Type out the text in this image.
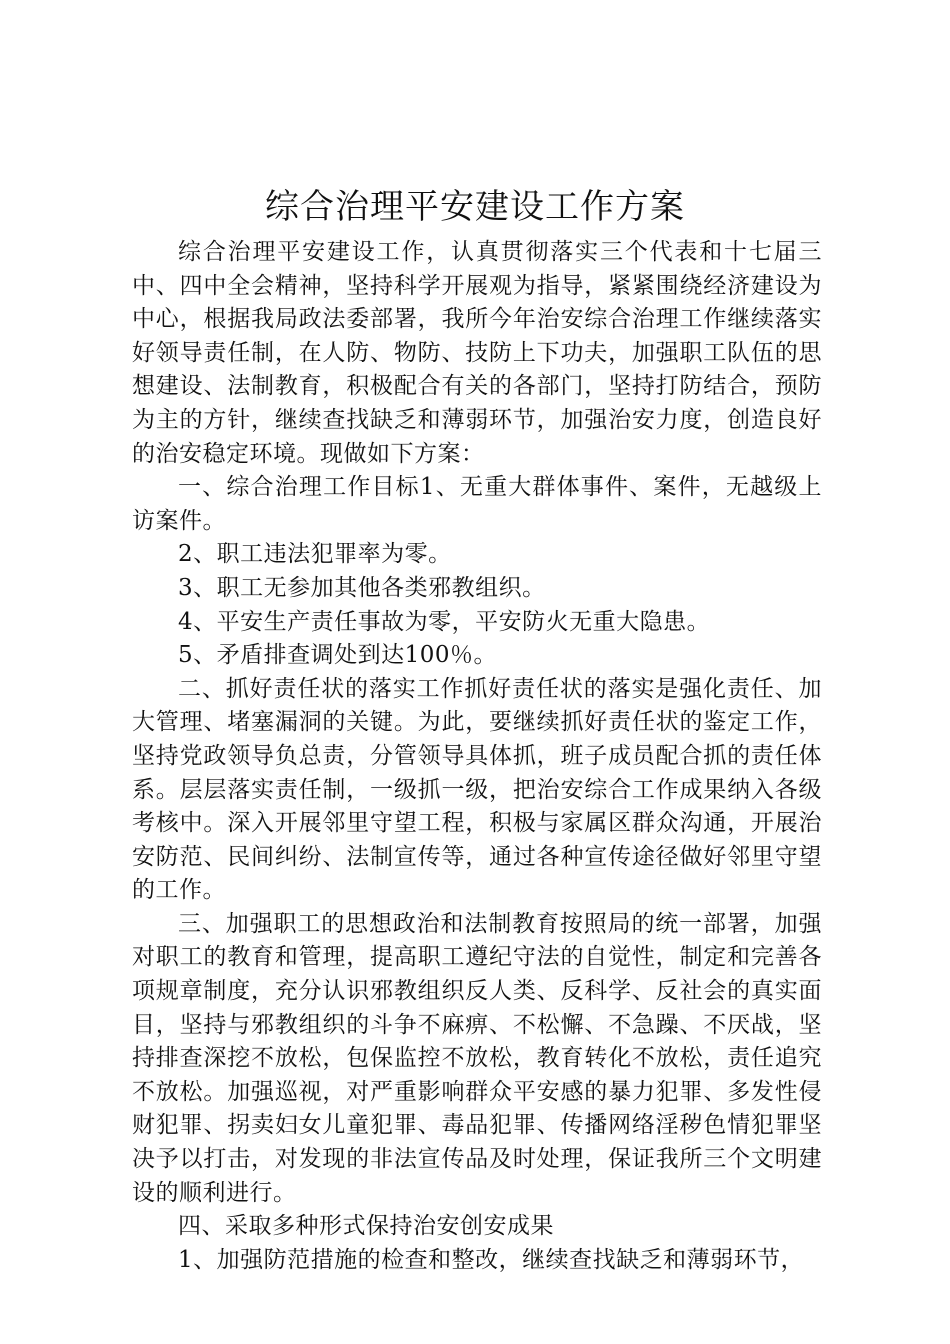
综合治理平安建设工作方案

综合治理平安建设工作，认真贯彻落实三个代表和十七届三中、四中全会精神，坚持科学开展观为指导，紧紧围绕经济建设为中心，根据我局政法委部署，我所今年治安综合治理工作继续落实好领导责任制，在人防、物防、技防上下功夫，加强职工队伍的思想建设、法制教育，积极配合有关的各部门，坚持打防结合，预防为主的方针，继续查找缺乏和薄弱环节，加强治安力度，创造良好的治安稳定环境。现做如下方案：

一、综合治理工作目标1、无重大群体事件、案件，无越级上访案件。

2、职工违法犯罪率为零。

3、职工无参加其他各类邪教组织。

4、平安生产责任事故为零，平安防火无重大隐患。

5、矛盾排查调处到达100％。

二、抓好责任状的落实工作抓好责任状的落实是强化责任、加大管理、堵塞漏洞的关键。为此，要继续抓好责任状的鉴定工作，坚持党政领导负总责，分管领导具体抓，班子成员配合抓的责任体系。层层落实责任制，一级抓一级，把治安综合工作成果纳入各级考核中。深入开展邻里守望工程，积极与家属区群众沟通，开展治安防范、民间纠纷、法制宣传等，通过各种宣传途径做好邻里守望的工作。

三、加强职工的思想政治和法制教育按照局的统一部署，加强对职工的教育和管理，提高职工遵纪守法的自觉性，制定和完善各项规章制度，充分认识邪教组织反人类、反科学、反社会的真实面目，坚持与邪教组织的斗争不麻痹、不松懈、不急躁、不厌战，坚持排查深挖不放松，包保监控不放松，教育转化不放松，责任追究不放松。加强巡视，对严重影响群众平安感的暴力犯罪、多发性侵财犯罪、拐卖妇女儿童犯罪、毒品犯罪、传播网络淫秽色情犯罪坚决予以打击，对发现的非法宣传品及时处理，保证我所三个文明建设的顺利进行。

四、采取多种形式保持治安创安成果

1、加强防范措施的检查和整改，继续查找缺乏和薄弱环节，
